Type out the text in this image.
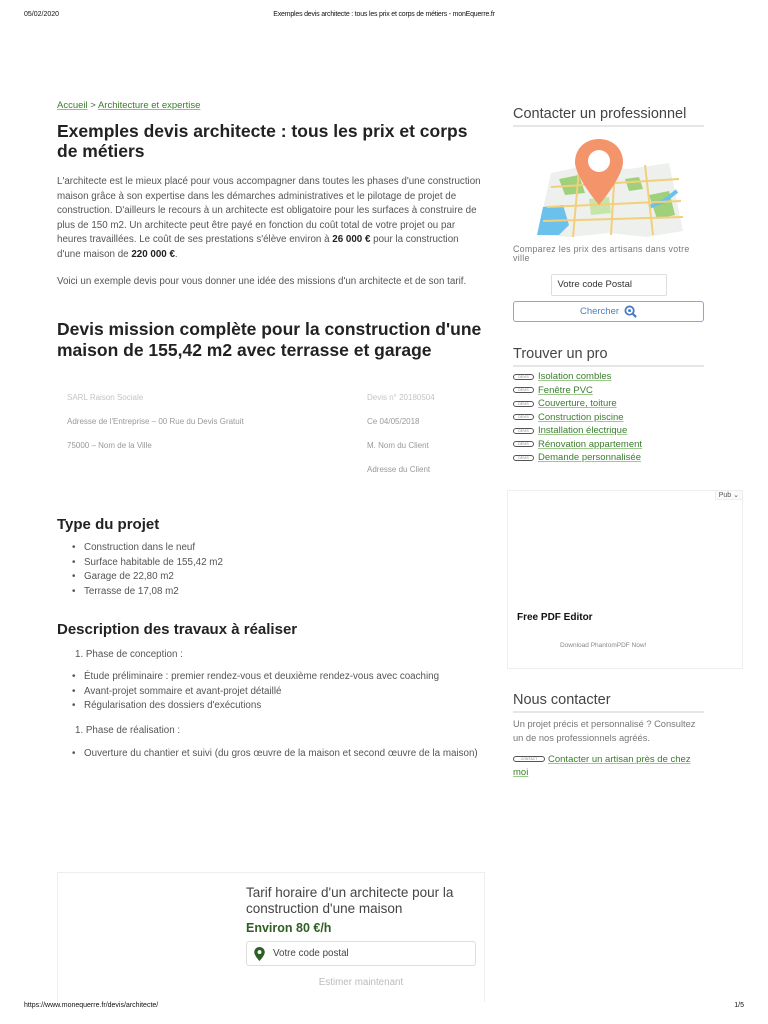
05/02/2020	Exemples devis architecte : tous les prix et corps de métiers - monEquerre.fr
Accueil > Architecture et expertise
Exemples devis architecte : tous les prix et corps de métiers

L'architecte est le mieux placé pour vous accompagner dans toutes les phases d'une construction maison grâce à son expertise dans les démarches administratives et le pilotage de projet de construction. D'ailleurs le recours à un architecte est obligatoire pour les surfaces à construire de plus de 150 m2. Un architecte peut être payé en fonction du coût total de votre projet ou par heures travaillées. Le coût de ses prestations s'élève environ à 26 000 € pour la construction d'une maison de 220 000 €.

Voici un exemple devis pour vous donner une idée des missions d'un architecte et de son tarif.

Devis mission complète pour la construction d'une maison de 155,42 m2 avec terrasse et garage
SARL Raison Sociale
Adresse de l'Entreprise – 00 Rue du Devis Gratuit
75000 – Nom de la Ville
Devis n° 20180504
Ce 04/05/2018
M. Nom du Client
Adresse du Client
Type du projet
• Construction dans le neuf
• Surface habitable de 155,42 m2
• Garage de 22,80 m2
• Terrasse de 17,08 m2
Description des travaux à réaliser
1. Phase de conception :
• Étude préliminaire : premier rendez-vous et deuxième rendez-vous avec coaching
• Avant-projet sommaire et avant-projet détaillé
• Régularisation des dossiers d'exécutions
1. Phase de réalisation :
• Ouverture du chantier et suivi (du gros œuvre de la maison et second œuvre de la maison)
Tarif horaire d'un architecte pour la construction d'une maison
Environ 80 €/h
Votre code postal
Estimer maintenant
Contacter un professionnel
Comparez les prix des artisans dans votre ville
Votre code Postal
Chercher
Trouver un pro
DEVIS Isolation combles
DEVIS Fenêtre PVC
DEVIS Couverture, toiture
DEVIS Construction piscine
DEVIS Installation électrique
DEVIS Rénovation appartement
DEVIS Demande personnalisée
Pub ⌄
Free PDF Editor
Download PhantomPDF Now!
Nous contacter
Un projet précis et personnalisé ? Consultez un de nos professionnels agréés.
CONTACT Contacter un artisan près de chez moi
https://www.monequerre.fr/devis/architecte/	1/5
